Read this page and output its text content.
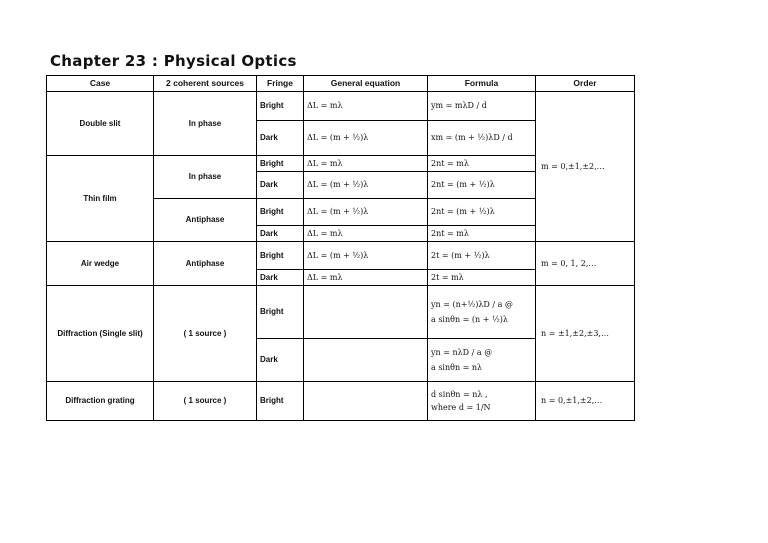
Chapter 23 : Physical Optics
Case	2 coherent sources	Fringe	General equation	Formula	Order
Double slit	In phase	Bright	ΔL = mλ	ym = mλD / d	m = 0,±1,±2,…
		Dark	ΔL = (m + ½)λ	xm = (m + ½)λD / d	
Thin film	In phase	Bright	ΔL = mλ	2nt = mλ	
		Dark	ΔL = (m + ½)λ	2nt = (m + ½)λ	
	Antiphase	Bright	ΔL = (m + ½)λ	2nt = (m + ½)λ	
		Dark	ΔL = mλ	2nt = mλ	
Air wedge	Antiphase	Bright	ΔL = (m + ½)λ	2t = (m + ½)λ	m = 0, 1, 2,…
		Dark	ΔL = mλ	2t = mλ	
Diffraction (Single slit)	( 1 source )	Bright		yn = (n+½)λD / a @
a sinθn = (n + ½)λ	n = ±1,±2,±3,…
		Dark		yn = nλD / a @
a sinθn = nλ	

Diffraction grating	( 1 source )	Bright		d sinθn = nλ ,
where d = 1/N	n = 0,±1,±2,…
